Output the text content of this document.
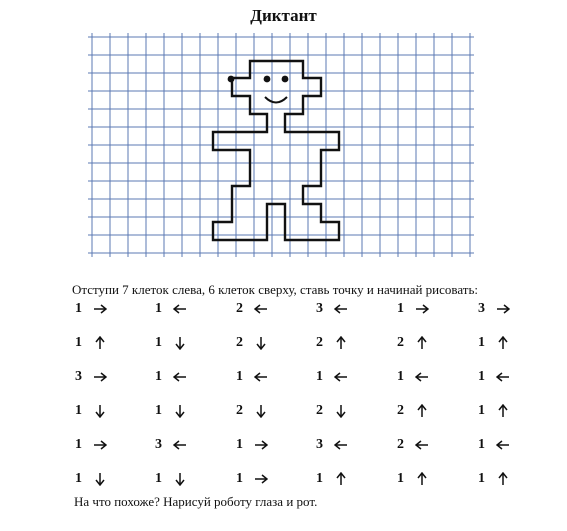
Диктант
Отступи 7 клеток слева, 6 клеток сверху, ставь точку и начинай рисовать:
1
1
3
1
1
1
1
1
1
1
3
1
2
2
1
2
1
1
3
2
1
2
3
1
1
2
1
2
2
1
3
1
1
1
1
1
На что похоже? Нарисуй роботу глаза и рот.
